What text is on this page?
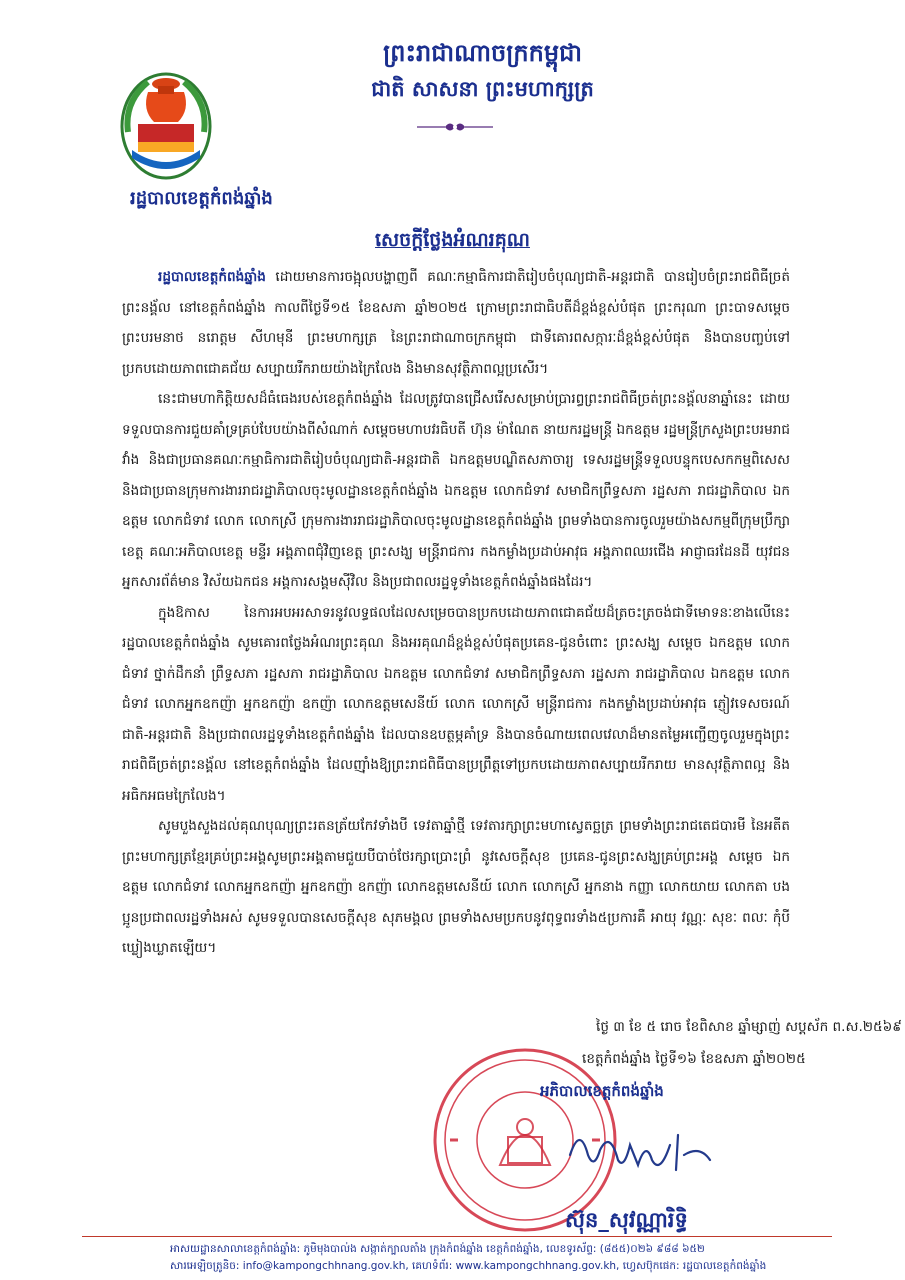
ព្រះរាជាណាចក្រកម្ពុជា
ជាតិ សាសនា ព្រះមហាក្សត្រ
រដ្ឋបាលខេត្តកំពង់ឆ្នាំង
សេចក្តីថ្លែងអំណរគុណ

រដ្ឋបាលខេត្តកំពង់ឆ្នាំង ដោយមានការចង្អុលបង្ហាញពី គណៈកម្មាធិការជាតិរៀបចំបុណ្យជាតិ-អន្តរជាតិ បានរៀបចំព្រះរាជពិធីច្រត់ព្រះនង្គ័ល នៅខេត្តកំពង់ឆ្នាំង កាលពីថ្ងៃទី១៥ ខែឧសភា ឆ្នាំ២០២៥ ក្រោមព្រះរាជាធិបតីដ៏ខ្ពង់ខ្ពស់បំផុត ព្រះករុណា ព្រះបាទសម្តេច ព្រះបរមនាថ នរោត្តម សីហមុនី ព្រះមហាក្សត្រ នៃព្រះរាជាណាចក្រកម្ពុជា ជាទីគោរពសក្ការៈដ៏ខ្ពង់ខ្ពស់បំផុត និងបានបញ្ចប់ទៅប្រកបដោយភាពជោគជ័យ សប្បាយរីករាយយ៉ាងក្រៃលែង និងមានសុវត្ថិភាពល្អប្រសើរ។

នេះជាមហាកិត្តិយសដ៏ធំធេងរបស់ខេត្តកំពង់ឆ្នាំង ដែលត្រូវបានជ្រើសរើសសម្រាប់ប្រារព្ធព្រះរាជពិធីច្រត់ព្រះនង្គ័លនាឆ្នាំនេះ ដោយទទួលបានការជួយគាំទ្រគ្រប់បែបយ៉ាងពីសំណាក់ សម្តេចមហាបវរធិបតី ហ៊ុន ម៉ាណែត នាយករដ្ឋមន្ត្រី ឯកឧត្តម រដ្ឋមន្ត្រីក្រសួងព្រះបរមរាជវាំង និងជាប្រធានគណៈកម្មាធិការជាតិរៀបចំបុណ្យជាតិ-អន្តរជាតិ ឯកឧត្តមបណ្ឌិតសភាចារ្យ ទេសរដ្ឋមន្ត្រីទទួលបន្ទុកបេសកកម្មពិសេស និងជាប្រធានក្រុមការងាររាជរដ្ឋាភិបាលចុះមូលដ្ឋានខេត្តកំពង់ឆ្នាំង ឯកឧត្តម លោកជំទាវ សមាជិកព្រឹទ្ធសភា រដ្ឋសភា រាជរដ្ឋាភិបាល ឯកឧត្តម លោកជំទាវ លោក លោកស្រី ក្រុមការងាររាជរដ្ឋាភិបាលចុះមូលដ្ឋានខេត្តកំពង់ឆ្នាំង ព្រមទាំងបានការចូលរួមយ៉ាងសកម្មពីក្រុមប្រឹក្សាខេត្ត គណៈអភិបាលខេត្ត មន្ទីរ អង្គភាពជុំវិញខេត្ត ព្រះសង្ឃ មន្ត្រីរាជការ កងកម្លាំងប្រដាប់អាវុធ អង្គភាពឈរជើង អាជ្ញាធរដែនដី យុវជន អ្នកសារព័ត៌មាន វិស័យឯកជន អង្គការសង្គមស៊ីវិល និងប្រជាពលរដ្ឋទូទាំងខេត្តកំពង់ឆ្នាំងផងដែរ។

ក្នុងឱកាស នៃការអបអរសាទរនូវលទ្ធផលដែលសម្រេចបានប្រកបដោយភាពជោគជ័យដ៏ត្រចះត្រចង់ជាទីមោទនៈខាងលើនេះ រដ្ឋបាលខេត្តកំពង់ឆ្នាំង សូមគោរពថ្លែងអំណរព្រះគុណ និងអរគុណដ៏ខ្ពង់ខ្ពស់បំផុតប្រគេន-ជូនចំពោះ ព្រះសង្ឃ សម្តេច ឯកឧត្តម លោកជំទាវ ថ្នាក់ដឹកនាំ ព្រឹទ្ធសភា រដ្ឋសភា រាជរដ្ឋាភិបាល ឯកឧត្តម លោកជំទាវ សមាជិកព្រឹទ្ធសភា រដ្ឋសភា រាជរដ្ឋាភិបាល ឯកឧត្តម លោកជំទាវ លោកអ្នកឧកញ៉ា អ្នកឧកញ៉ា ឧកញ៉ា លោកឧត្តមសេនីយ៍ លោក លោកស្រី មន្ត្រីរាជការ កងកម្លាំងប្រដាប់អាវុធ ភ្ញៀវទេសចរណ៍ជាតិ-អន្តរជាតិ និងប្រជាពលរដ្ឋទូទាំងខេត្តកំពង់ឆ្នាំង ដែលបានឧបត្ថម្ភគាំទ្រ និងបានចំណាយពេលវេលាដ៏មានតម្លៃអញ្ជើញចូលរួមក្នុងព្រះរាជពិធីច្រត់ព្រះនង្គ័ល នៅខេត្តកំពង់ឆ្នាំង ដែលញ៉ាំងឱ្យព្រះរាជពិធីបានប្រព្រឹត្តទៅប្រកបដោយភាពសប្បាយរីករាយ មានសុវត្ថិភាពល្អ និងអធិកអធមក្រៃលែង។

សូមបួងសួងដល់គុណបុណ្យព្រះរតនត្រ័យកែវទាំងបី ទេវតាឆ្នាំថ្មី ទេវតារក្សាព្រះមហាស្វេតច្ឆត្រ ព្រមទាំងព្រះរាជតេជបារមី នៃអតីតព្រះមហាក្សត្រខ្មែរគ្រប់ព្រះអង្គសូមព្រះអង្គតាមជួយបីបាច់ថែរក្សាប្រោះព្រំ នូវសេចក្តីសុខ ប្រគេន-ជូនព្រះសង្ឃគ្រប់ព្រះអង្គ សម្តេច ឯកឧត្តម លោកជំទាវ លោកអ្នកឧកញ៉ា អ្នកឧកញ៉ា ឧកញ៉ា លោកឧត្តមសេនីយ៍ លោក លោកស្រី អ្នកនាង កញ្ញា លោកយាយ លោកតា បងប្អូនប្រជាពលរដ្ឋទាំងអស់ សូមទទួលបានសេចក្តីសុខ សុភមង្គល ព្រមទាំងសមប្រកបនូវពុទ្ធពរទាំង៥ប្រការគឺ អាយុ វណ្ណៈ សុខៈ ពលៈ កុំបីឃ្លៀងឃ្លាតឡើយ។

ថ្ងៃ ៣ ខែ ៥ រោច ខែពិសាខ ឆ្នាំម្សាញ់ សប្តស័ក ព.ស.២៥៦៩
ខេត្តកំពង់ឆ្នាំង ថ្ងៃទី១៦ ខែឧសភា ឆ្នាំ២០២៥
អភិបាលខេត្តកំពង់ឆ្នាំង
ស៊ុន_សុវណ្ណារិទ្ធិ
អាសយដ្ឋានសាលាខេត្តកំពង់ឆ្នាំង: ភូមិមុងបាល់ង សង្កាត់ក្បាលតាំង ក្រុងកំពង់ឆ្នាំង ខេត្តកំពង់ឆ្នាំង, លេខទូរស័ព្ទ: (៨៥៥)០២៦ ៩៨៨ ៦៥២
សារអេឡិចត្រូនិច: info@kampongchhnang.gov.kh, គេហទំព័រ: www.kampongchhnang.gov.kh, ហ្វេសប៊ុកផេក: រដ្ឋបាលខេត្តកំពង់ឆ្នាំង
